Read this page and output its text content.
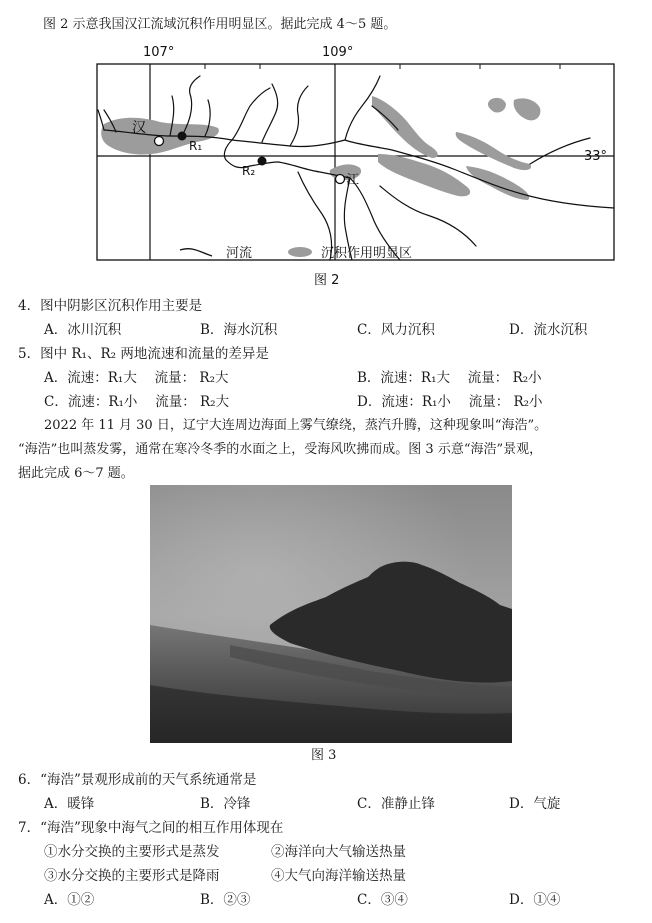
图 2 示意我国汉江流域沉积作用明显区。据此完成 4～5 题。
107°	109°
33°
汉
R₁
R₂
江
河流	沉积作用明显区
图 2
4．图中阴影区沉积作用主要是
A．冰川沉积	B．海水沉积	C．风力沉积	D．流水沉积
5．图中 R₁、R₂ 两地流速和流量的差异是
A．流速：R₁大　 流量： R₂大	B．流速：R₁大　 流量： R₂小
C．流速：R₁小　 流量： R₂大	D．流速：R₁小　 流量： R₂小
2022 年 11 月 30 日，辽宁大连周边海面上雾气缭绕，蒸汽升腾，这种现象叫“海浩”。
“海浩”也叫蒸发雾，通常在寒冷冬季的水面之上，受海风吹拂而成。图 3 示意“海浩”景观，
据此完成 6～7 题。
图 3
6．“海浩”景观形成前的天气系统通常是
A．暖锋	B．冷锋	C．准静止锋	D．气旋
7．“海浩”现象中海气之间的相互作用体现在
①水分交换的主要形式是蒸发	②海洋向大气输送热量
③水分交换的主要形式是降雨	④大气向海洋输送热量
A．①②	B．②③	C．③④	D．①④
